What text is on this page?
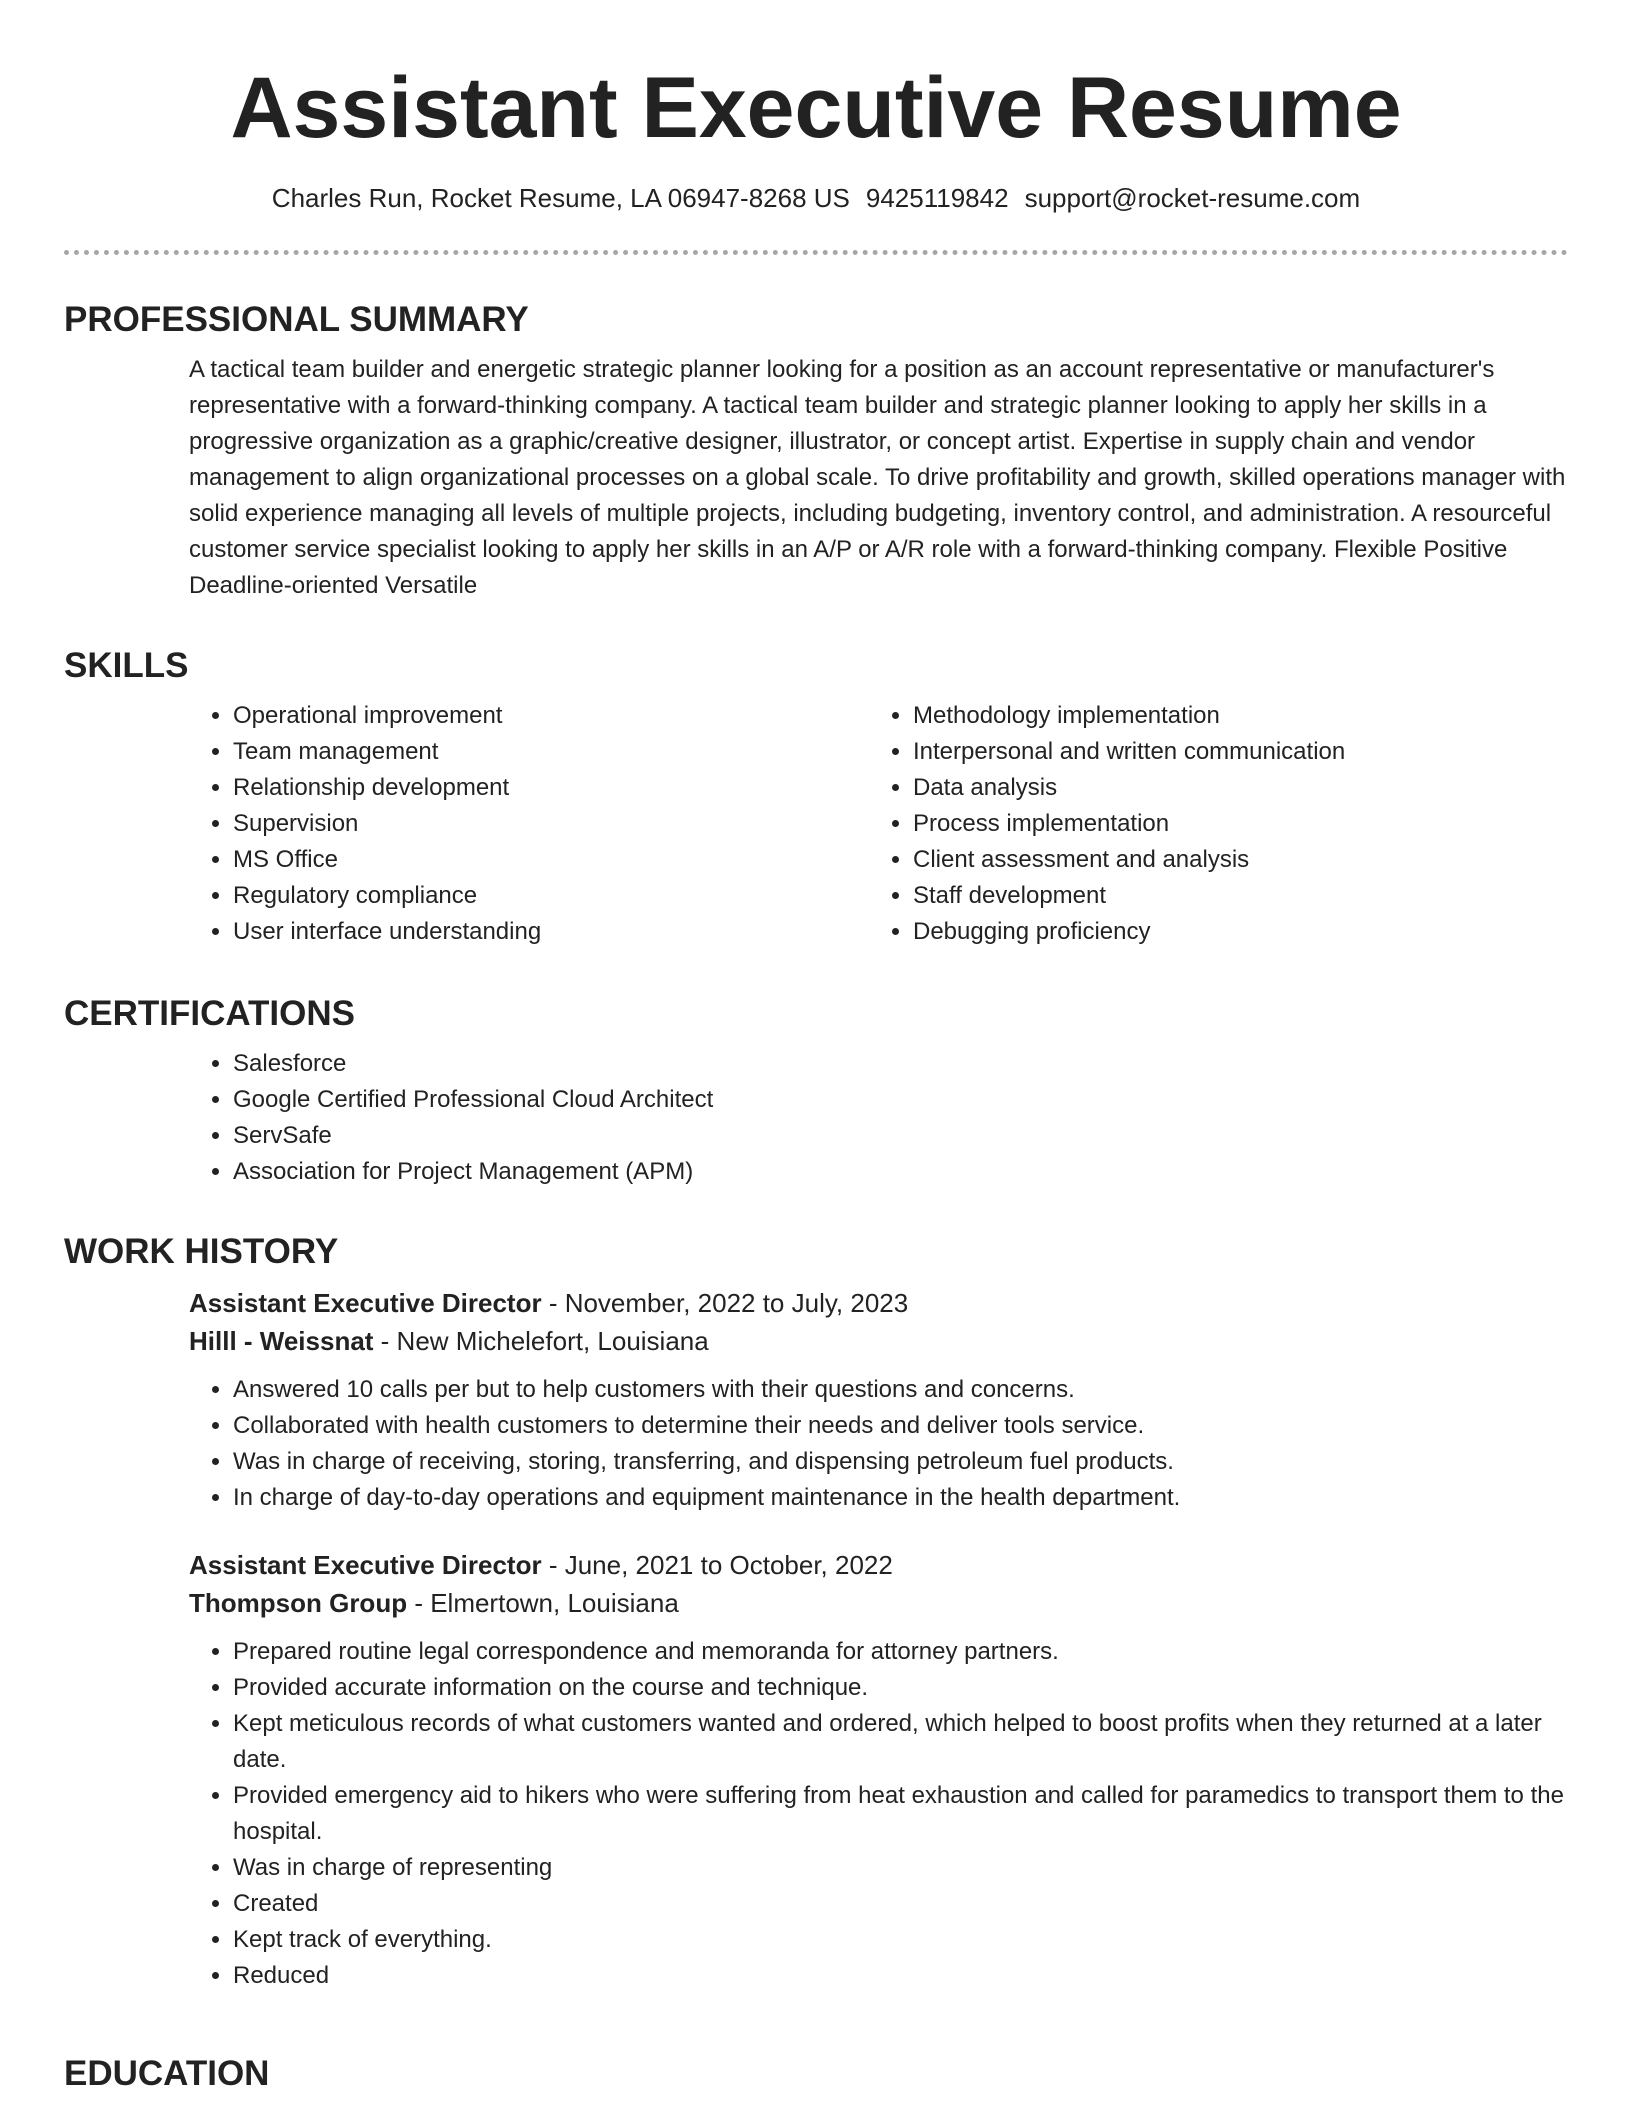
Assistant Executive Resume
Charles Run, Rocket Resume, LA 06947-8268 US 9425119842 support@rocket-resume.com
PROFESSIONAL SUMMARY
A tactical team builder and energetic strategic planner looking for a position as an account representative or manufacturer's representative with a forward-thinking company. A tactical team builder and strategic planner looking to apply her skills in a progressive organization as a graphic/creative designer, illustrator, or concept artist. Expertise in supply chain and vendor management to align organizational processes on a global scale. To drive profitability and growth, skilled operations manager with solid experience managing all levels of multiple projects, including budgeting, inventory control, and administration. A resourceful customer service specialist looking to apply her skills in an A/P or A/R role with a forward-thinking company. Flexible Positive Deadline-oriented Versatile
SKILLS
• Operational improvement
• Team management
• Relationship development
• Supervision
• MS Office
• Regulatory compliance
• User interface understanding
• Methodology implementation
• Interpersonal and written communication
• Data analysis
• Process implementation
• Client assessment and analysis
• Staff development
• Debugging proficiency
CERTIFICATIONS
• Salesforce
• Google Certified Professional Cloud Architect
• ServSafe
• Association for Project Management (APM)
WORK HISTORY
Assistant Executive Director - November, 2022 to July, 2023
Hilll - Weissnat - New Michelefort, Louisiana
• Answered 10 calls per but to help customers with their questions and concerns.
• Collaborated with health customers to determine their needs and deliver tools service.
• Was in charge of receiving, storing, transferring, and dispensing petroleum fuel products.
• In charge of day-to-day operations and equipment maintenance in the health department.
Assistant Executive Director - June, 2021 to October, 2022
Thompson Group - Elmertown, Louisiana
• Prepared routine legal correspondence and memoranda for attorney partners.
• Provided accurate information on the course and technique.
• Kept meticulous records of what customers wanted and ordered, which helped to boost profits when they returned at a later date.
• Provided emergency aid to hikers who were suffering from heat exhaustion and called for paramedics to transport them to the hospital.
• Was in charge of representing
• Created
• Kept track of everything.
• Reduced
EDUCATION
